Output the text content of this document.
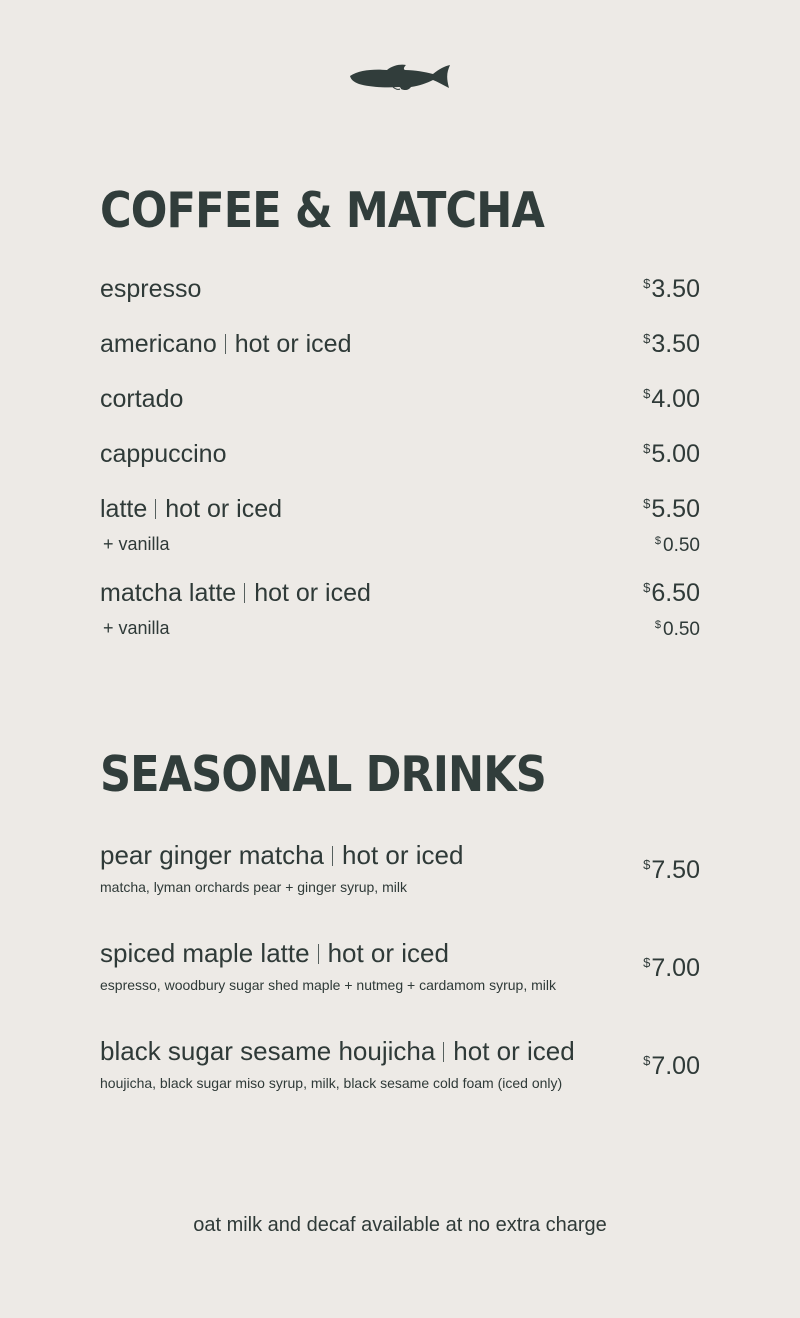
COFFEE & MATCHA
espresso	$3.50
americano hot or iced	$3.50
cortado	$4.00
cappuccino	$5.00
latte hot or iced	$5.50
+ vanilla	$ 0.50
matcha latte hot or iced	$6.50
+ vanilla	$ 0.50
SEASONAL DRINKS
pear ginger matcha hot or iced
matcha, lyman orchards pear + ginger syrup, milk
$7.50
spiced maple latte hot or iced
espresso, woodbury sugar shed maple + nutmeg + cardamom syrup, milk
$7.00
black sugar sesame houjicha hot or iced
houjicha, black sugar miso syrup, milk, black sesame cold foam (iced only)
$7.00
oat milk and decaf available at no extra charge
